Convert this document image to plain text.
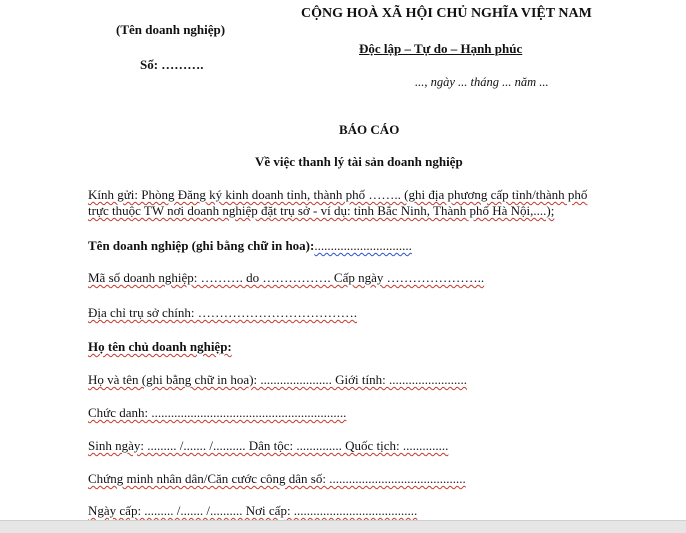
(Tên doanh nghiệp)
Số: ……….
CỘNG HOÀ XÃ HỘI CHỦ NGHĨA VIỆT NAM
Độc lập – Tự do – Hạnh phúc
..., ngày ... tháng ... năm ...
BÁO CÁO
Về việc thanh lý tài sản doanh nghiệp
Kính gửi: Phòng Đăng ký kinh doanh tỉnh, thành phố …….. (ghi địa phương cấp tỉnh/thành phố
trực thuộc TW nơi doanh nghiệp đặt trụ sở - ví dụ: tỉnh Bắc Ninh, Thành phố Hà Nội,....);
Tên doanh nghiệp (ghi bằng chữ in hoa):..............................
Mã số doanh nghiệp: ………. do ……………. Cấp ngày …………………..
Địa chỉ trụ sở chính: ……………………………….
Họ tên chủ doanh nghiệp:
Họ và tên (ghi bằng chữ in hoa): ...................... Giới tính: ........................
Chức danh: ............................................................
Sinh ngày: ......... /....... /.......... Dân tộc: .............. Quốc tịch: ..............
Chứng minh nhân dân/Căn cước công dân số: ..........................................
Ngày cấp: ......... /....... /.......... Nơi cấp: ......................................
